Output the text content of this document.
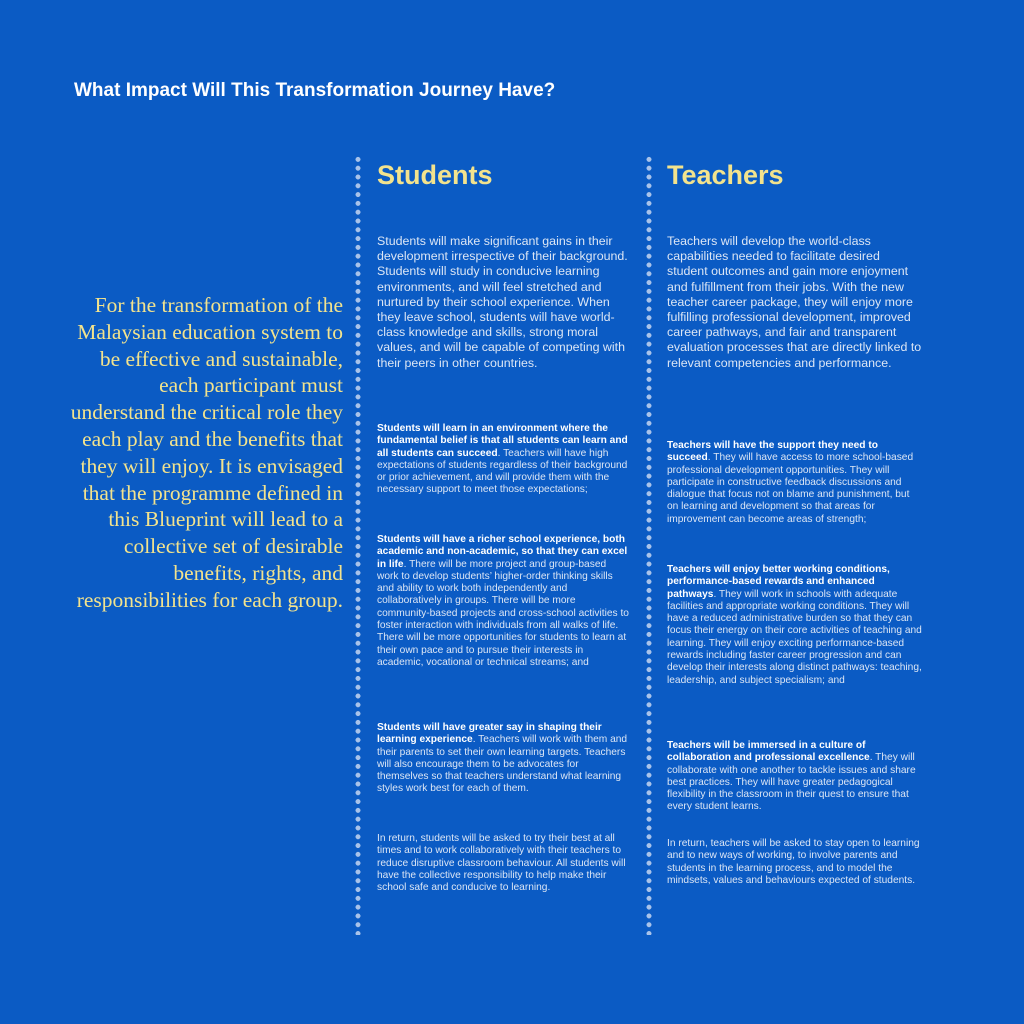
What Impact Will This Transformation Journey Have?

For the transformation of the Malaysian education system to be effective and sustainable, each participant must understand the critical role they each play and the benefits that they will enjoy. It is envisaged that the programme defined in this Blueprint will lead to a collective set of desirable benefits, rights, and responsibilities for each group.

Students

Students will make significant gains in their development irrespective of their background. Students will study in conducive learning environments, and will feel stretched and nurtured by their school experience. When they leave school, students will have world-class knowledge and skills, strong moral values, and will be capable of competing with their peers in other countries.

Students will learn in an environment where the fundamental belief is that all students can learn and all students can succeed. Teachers will have high expectations of students regardless of their background or prior achievement, and will provide them with the necessary support to meet those expectations;

Students will have a richer school experience, both academic and non-academic, so that they can excel in life. There will be more project and group-based work to develop students’ higher-order thinking skills and ability to work both independently and collaboratively in groups. There will be more community-based projects and cross-school activities to foster interaction with individuals from all walks of life. There will be more opportunities for students to learn at their own pace and to pursue their interests in academic, vocational or technical streams; and

Students will have greater say in shaping their learning experience. Teachers will work with them and their parents to set their own learning targets. Teachers will also encourage them to be advocates for themselves so that teachers understand what learning styles work best for each of them.

In return, students will be asked to try their best at all times and to work collaboratively with their teachers to reduce disruptive classroom behaviour. All students will have the collective responsibility to help make their school safe and conducive to learning.

Teachers

Teachers will develop the world-class capabilities needed to facilitate desired student outcomes and gain more enjoyment and fulfillment from their jobs. With the new teacher career package, they will enjoy more fulfilling professional development, improved career pathways, and fair and transparent evaluation processes that are directly linked to relevant competencies and performance.

Teachers will have the support they need to succeed. They will have access to more school-based professional development opportunities. They will participate in constructive feedback discussions and dialogue that focus not on blame and punishment, but on learning and development so that areas for improvement can become areas of strength;

Teachers will enjoy better working conditions, performance-based rewards and enhanced pathways. They will work in schools with adequate facilities and appropriate working conditions. They will have a reduced administrative burden so that they can focus their energy on their core activities of teaching and learning. They will enjoy exciting performance-based rewards including faster career progression and can develop their interests along distinct pathways: teaching, leadership, and subject specialism; and

Teachers will be immersed in a culture of collaboration and professional excellence. They will collaborate with one another to tackle issues and share best practices. They will have greater pedagogical flexibility in the classroom in their quest to ensure that every student learns.

In return, teachers will be asked to stay open to learning and to new ways of working, to involve parents and students in the learning process, and to model the mindsets, values and behaviours expected of students.
